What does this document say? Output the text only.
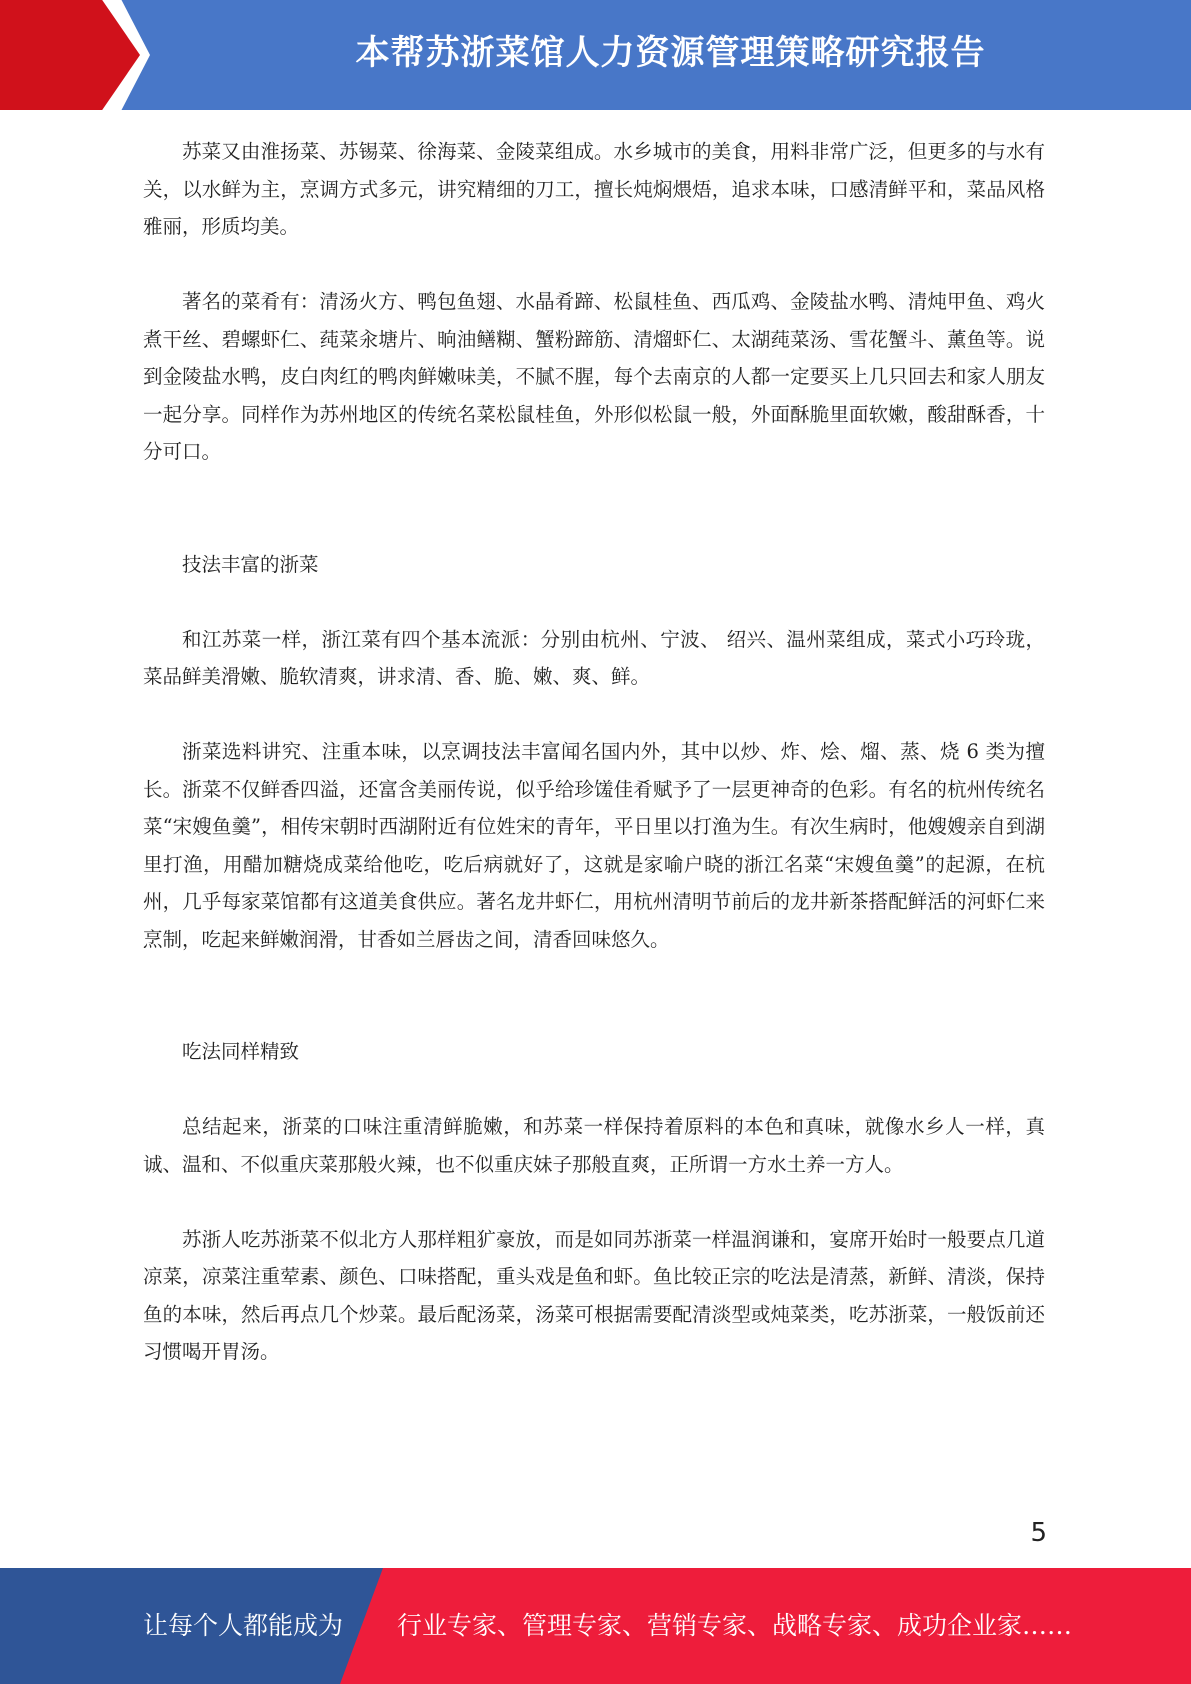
本帮苏浙菜馆人力资源管理策略研究报告

苏菜又由淮扬菜、苏锡菜、徐海菜、金陵菜组成。水乡城市的美食，用料非常广泛，但更多的与水有关，以水鲜为主，烹调方式多元，讲究精细的刀工，擅长炖焖煨焐，追求本味，口感清鲜平和，菜品风格雅丽，形质均美。

著名的菜肴有：清汤火方、鸭包鱼翅、水晶肴蹄、松鼠桂鱼、西瓜鸡、金陵盐水鸭、清炖甲鱼、鸡火煮干丝、碧螺虾仁、莼菜汆塘片、晌油鳝糊、蟹粉蹄筋、清熘虾仁、太湖莼菜汤、雪花蟹斗、薰鱼等。说到金陵盐水鸭，皮白肉红的鸭肉鲜嫩味美，不腻不腥，每个去南京的人都一定要买上几只回去和家人朋友一起分享。同样作为苏州地区的传统名菜松鼠桂鱼，外形似松鼠一般，外面酥脆里面软嫩，酸甜酥香，十分可口。

技法丰富的浙菜

和江苏菜一样，浙江菜有四个基本流派：分别由杭州、宁波、 绍兴、温州菜组成，菜式小巧玲珑，菜品鲜美滑嫩、脆软清爽，讲求清、香、脆、嫩、爽、鲜。

浙菜选料讲究、注重本味，以烹调技法丰富闻名国内外，其中以炒、炸、烩、熘、蒸、烧 6 类为擅长。浙菜不仅鲜香四溢，还富含美丽传说，似乎给珍馐佳肴赋予了一层更神奇的色彩。有名的杭州传统名菜“宋嫂鱼羹”，相传宋朝时西湖附近有位姓宋的青年，平日里以打渔为生。有次生病时，他嫂嫂亲自到湖里打渔，用醋加糖烧成菜给他吃，吃后病就好了，这就是家喻户晓的浙江名菜“宋嫂鱼羹”的起源，在杭州，几乎每家菜馆都有这道美食供应。著名龙井虾仁，用杭州清明节前后的龙井新茶搭配鲜活的河虾仁来烹制，吃起来鲜嫩润滑，甘香如兰唇齿之间，清香回味悠久。

吃法同样精致

总结起来，浙菜的口味注重清鲜脆嫩，和苏菜一样保持着原料的本色和真味，就像水乡人一样，真诚、温和、不似重庆菜那般火辣，也不似重庆妹子那般直爽，正所谓一方水土养一方人。

苏浙人吃苏浙菜不似北方人那样粗犷豪放，而是如同苏浙菜一样温润谦和，宴席开始时一般要点几道凉菜，凉菜注重荤素、颜色、口味搭配，重头戏是鱼和虾。鱼比较正宗的吃法是清蒸，新鲜、清淡，保持鱼的本味，然后再点几个炒菜。最后配汤菜，汤菜可根据需要配清淡型或炖菜类，吃苏浙菜，一般饭前还习惯喝开胃汤。

5
让每个人都能成为 行业专家、管理专家、营销专家、战略专家、成功企业家……
